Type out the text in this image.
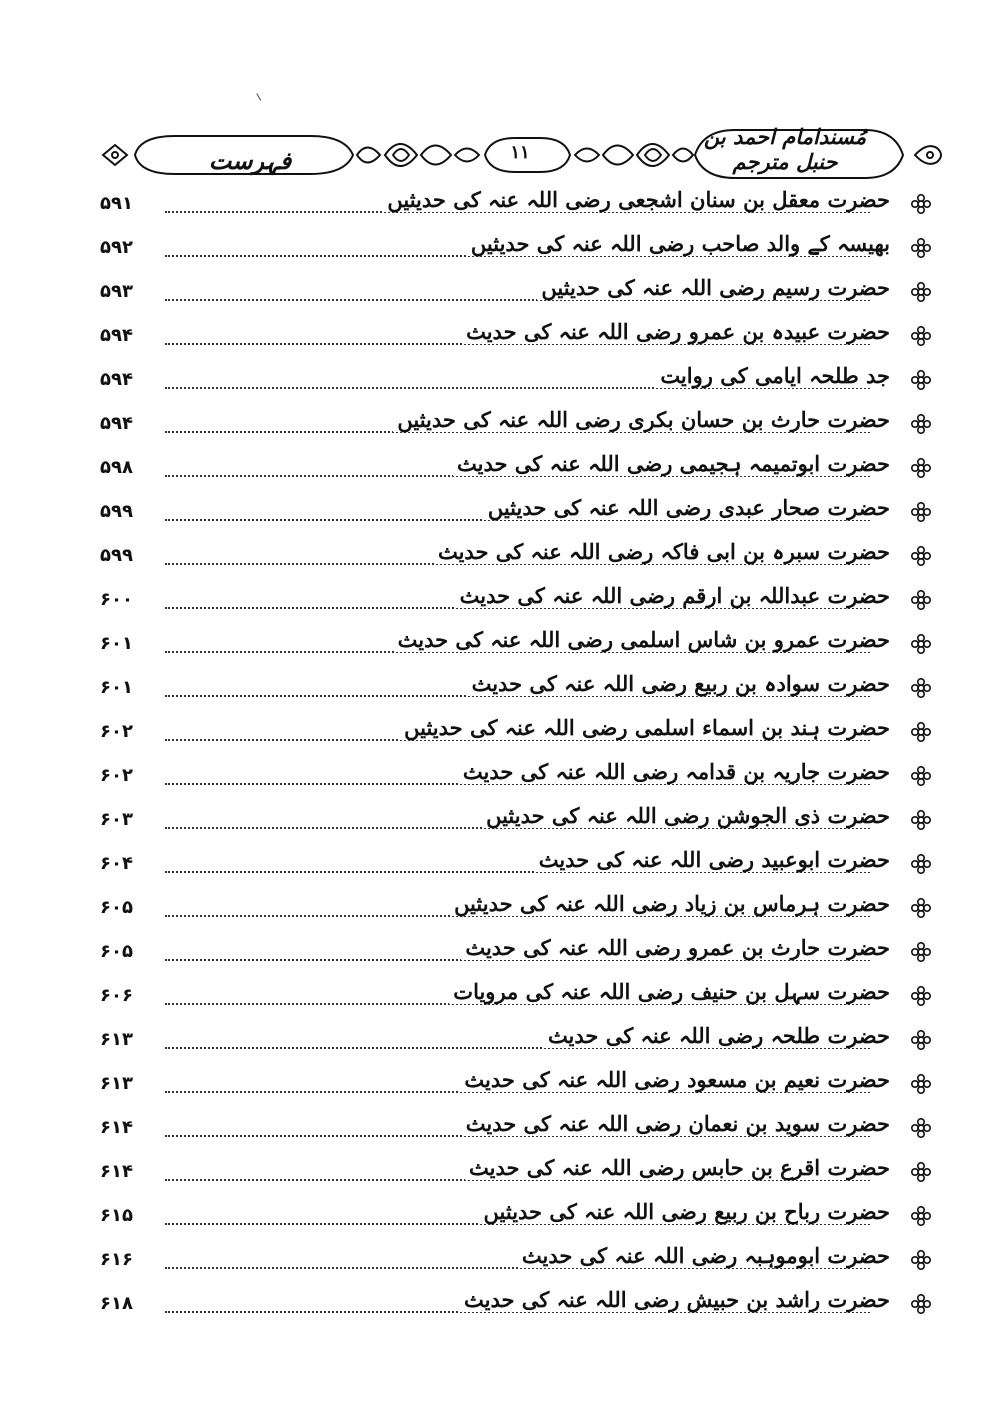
مُسندامام احمد بن حنبل مترجم
۱۱
فہرست
حضرت معقل بن سنان اشجعی رضی اللہ عنہ کی حدیثیں
۵۹۱
بھیسہ کے والد صاحب رضی اللہ عنہ کی حدیثیں
۵۹۲
حضرت رسیم رضی اللہ عنہ کی حدیثیں
۵۹۳
حضرت عبیدہ بن عمرو رضی اللہ عنہ کی حدیث
۵۹۴
جد طلحہ ایامی کی روایت
۵۹۴
حضرت حارث بن حسان بکری رضی اللہ عنہ کی حدیثیں
۵۹۴
حضرت ابوتمیمہ ہجیمی رضی اللہ عنہ کی حدیث
۵۹۸
حضرت صحار عبدی رضی اللہ عنہ کی حدیثیں
۵۹۹
حضرت سبرہ بن ابی فاکہ رضی اللہ عنہ کی حدیث
۵۹۹
حضرت عبداللہ بن ارقم رضی اللہ عنہ کی حدیث
۶۰۰
حضرت عمرو بن شاس اسلمی رضی اللہ عنہ کی حدیث
۶۰۱
حضرت سوادہ بن ربیع رضی اللہ عنہ کی حدیث
۶۰۱
حضرت ہند بن اسماء اسلمی رضی اللہ عنہ کی حدیثیں
۶۰۲
حضرت جاریہ بن قدامہ رضی اللہ عنہ کی حدیث
۶۰۲
حضرت ذی الجوشن رضی اللہ عنہ کی حدیثیں
۶۰۳
حضرت ابوعبید رضی اللہ عنہ کی حدیث
۶۰۴
حضرت ہرماس بن زیاد رضی اللہ عنہ کی حدیثیں
۶۰۵
حضرت حارث بن عمرو رضی اللہ عنہ کی حدیث
۶۰۵
حضرت سہل بن حنیف رضی اللہ عنہ کی مرویات
۶۰۶
حضرت طلحہ رضی اللہ عنہ کی حدیث
۶۱۳
حضرت نعیم بن مسعود رضی اللہ عنہ کی حدیث
۶۱۳
حضرت سوید بن نعمان رضی اللہ عنہ کی حدیث
۶۱۴
حضرت اقرع بن حابس رضی اللہ عنہ کی حدیث
۶۱۴
حضرت رباح بن ربیع رضی اللہ عنہ کی حدیثیں
۶۱۵
حضرت ابوموہبہ رضی اللہ عنہ کی حدیث
۶۱۶
حضرت راشد بن حبیش رضی اللہ عنہ کی حدیث
۶۱۸
